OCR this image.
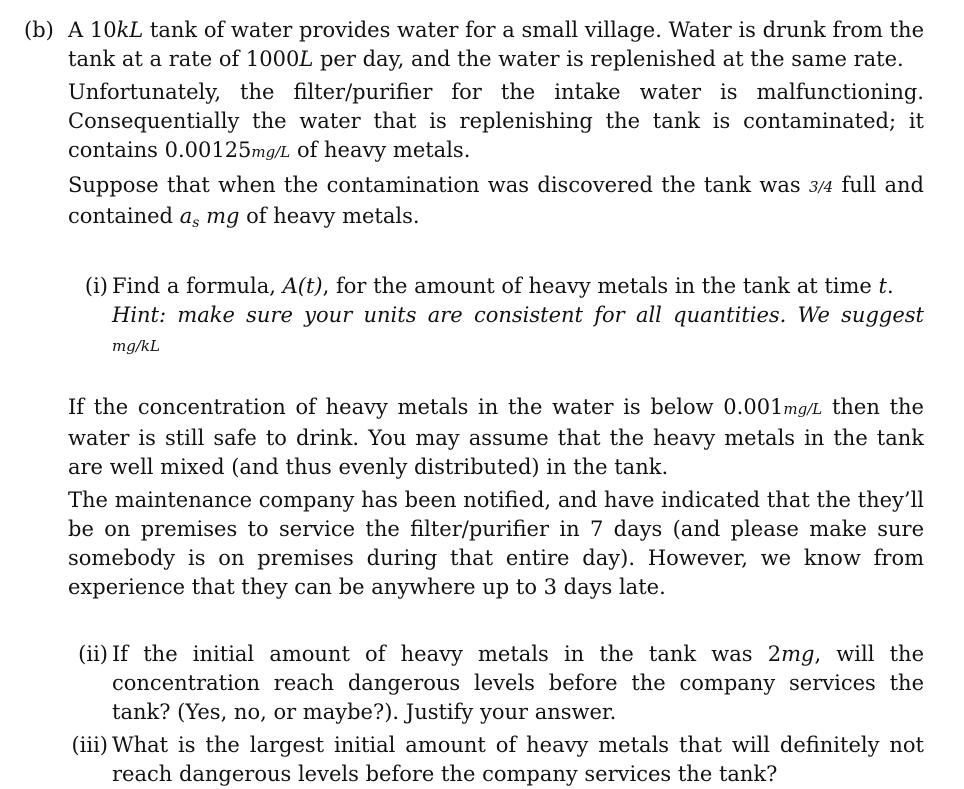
(b) A 10kL tank of water provides water for a small village. Water is drunk from the tank at a rate of 1000L per day, and the water is replenished at the same rate.
Unfortunately, the filter/purifier for the intake water is malfunctioning. Consequentially the water that is replenishing the tank is contaminated; it contains 0.00125mg/L of heavy metals.
Suppose that when the contamination was discovered the tank was 3/4 full and contained $a_s$ mg of heavy metals.
(i) Find a formula, A(t), for the amount of heavy metals in the tank at time t.
Hint: make sure your units are consistent for all quantities. We suggest mg/kL
If the concentration of heavy metals in the water is below 0.001mg/L then the water is still safe to drink. You may assume that the heavy metals in the tank are well mixed (and thus evenly distributed) in the tank.
The maintenance company has been notified, and have indicated that the they’ll be on premises to service the filter/purifier in 7 days (and please make sure somebody is on premises during that entire day). However, we know from experience that they can be anywhere up to 3 days late.
(ii) If the initial amount of heavy metals in the tank was 2mg, will the concentration reach dangerous levels before the company services the tank? (Yes, no, or maybe?). Justify your answer.
(iii) What is the largest initial amount of heavy metals that will definitely not reach dangerous levels before the company services the tank?
